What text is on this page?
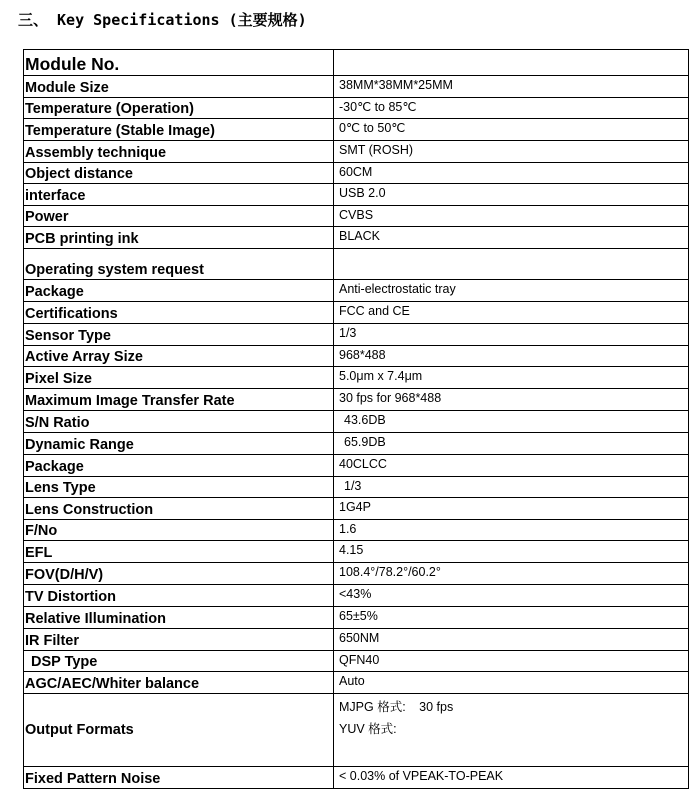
三、 Key Specifications (主要规格)
Module No.	
Module Size	38MM*38MM*25MM
Temperature (Operation)	-30℃ to 85℃
Temperature (Stable Image)	0℃ to 50℃
Assembly technique	SMT (ROSH)
Object distance	60CM
interface	USB 2.0
Power	CVBS
PCB printing ink	BLACK
Operating system request	
Package	Anti-electrostatic tray
Certifications	FCC and CE
Sensor Type	1/3
Active Array Size	968*488
Pixel Size	5.0μm x 7.4μm
Maximum Image Transfer Rate	30 fps for 968*488
S/N Ratio	43.6DB
Dynamic Range	65.9DB
Package	40CLCC
Lens Type	1/3
Lens Construction	1G4P
F/No	1.6
EFL	4.15
FOV(D/H/V)	108.4°/78.2°/60.2°
TV Distortion	<43%
Relative Illumination	65±5%
IR Filter	650NM
DSP Type	QFN40
AGC/AEC/Whiter balance	Auto
Output Formats	MJPG 格式: 30 fps
YUV 格式:

Fixed Pattern Noise	< 0.03% of VPEAK-TO-PEAK
